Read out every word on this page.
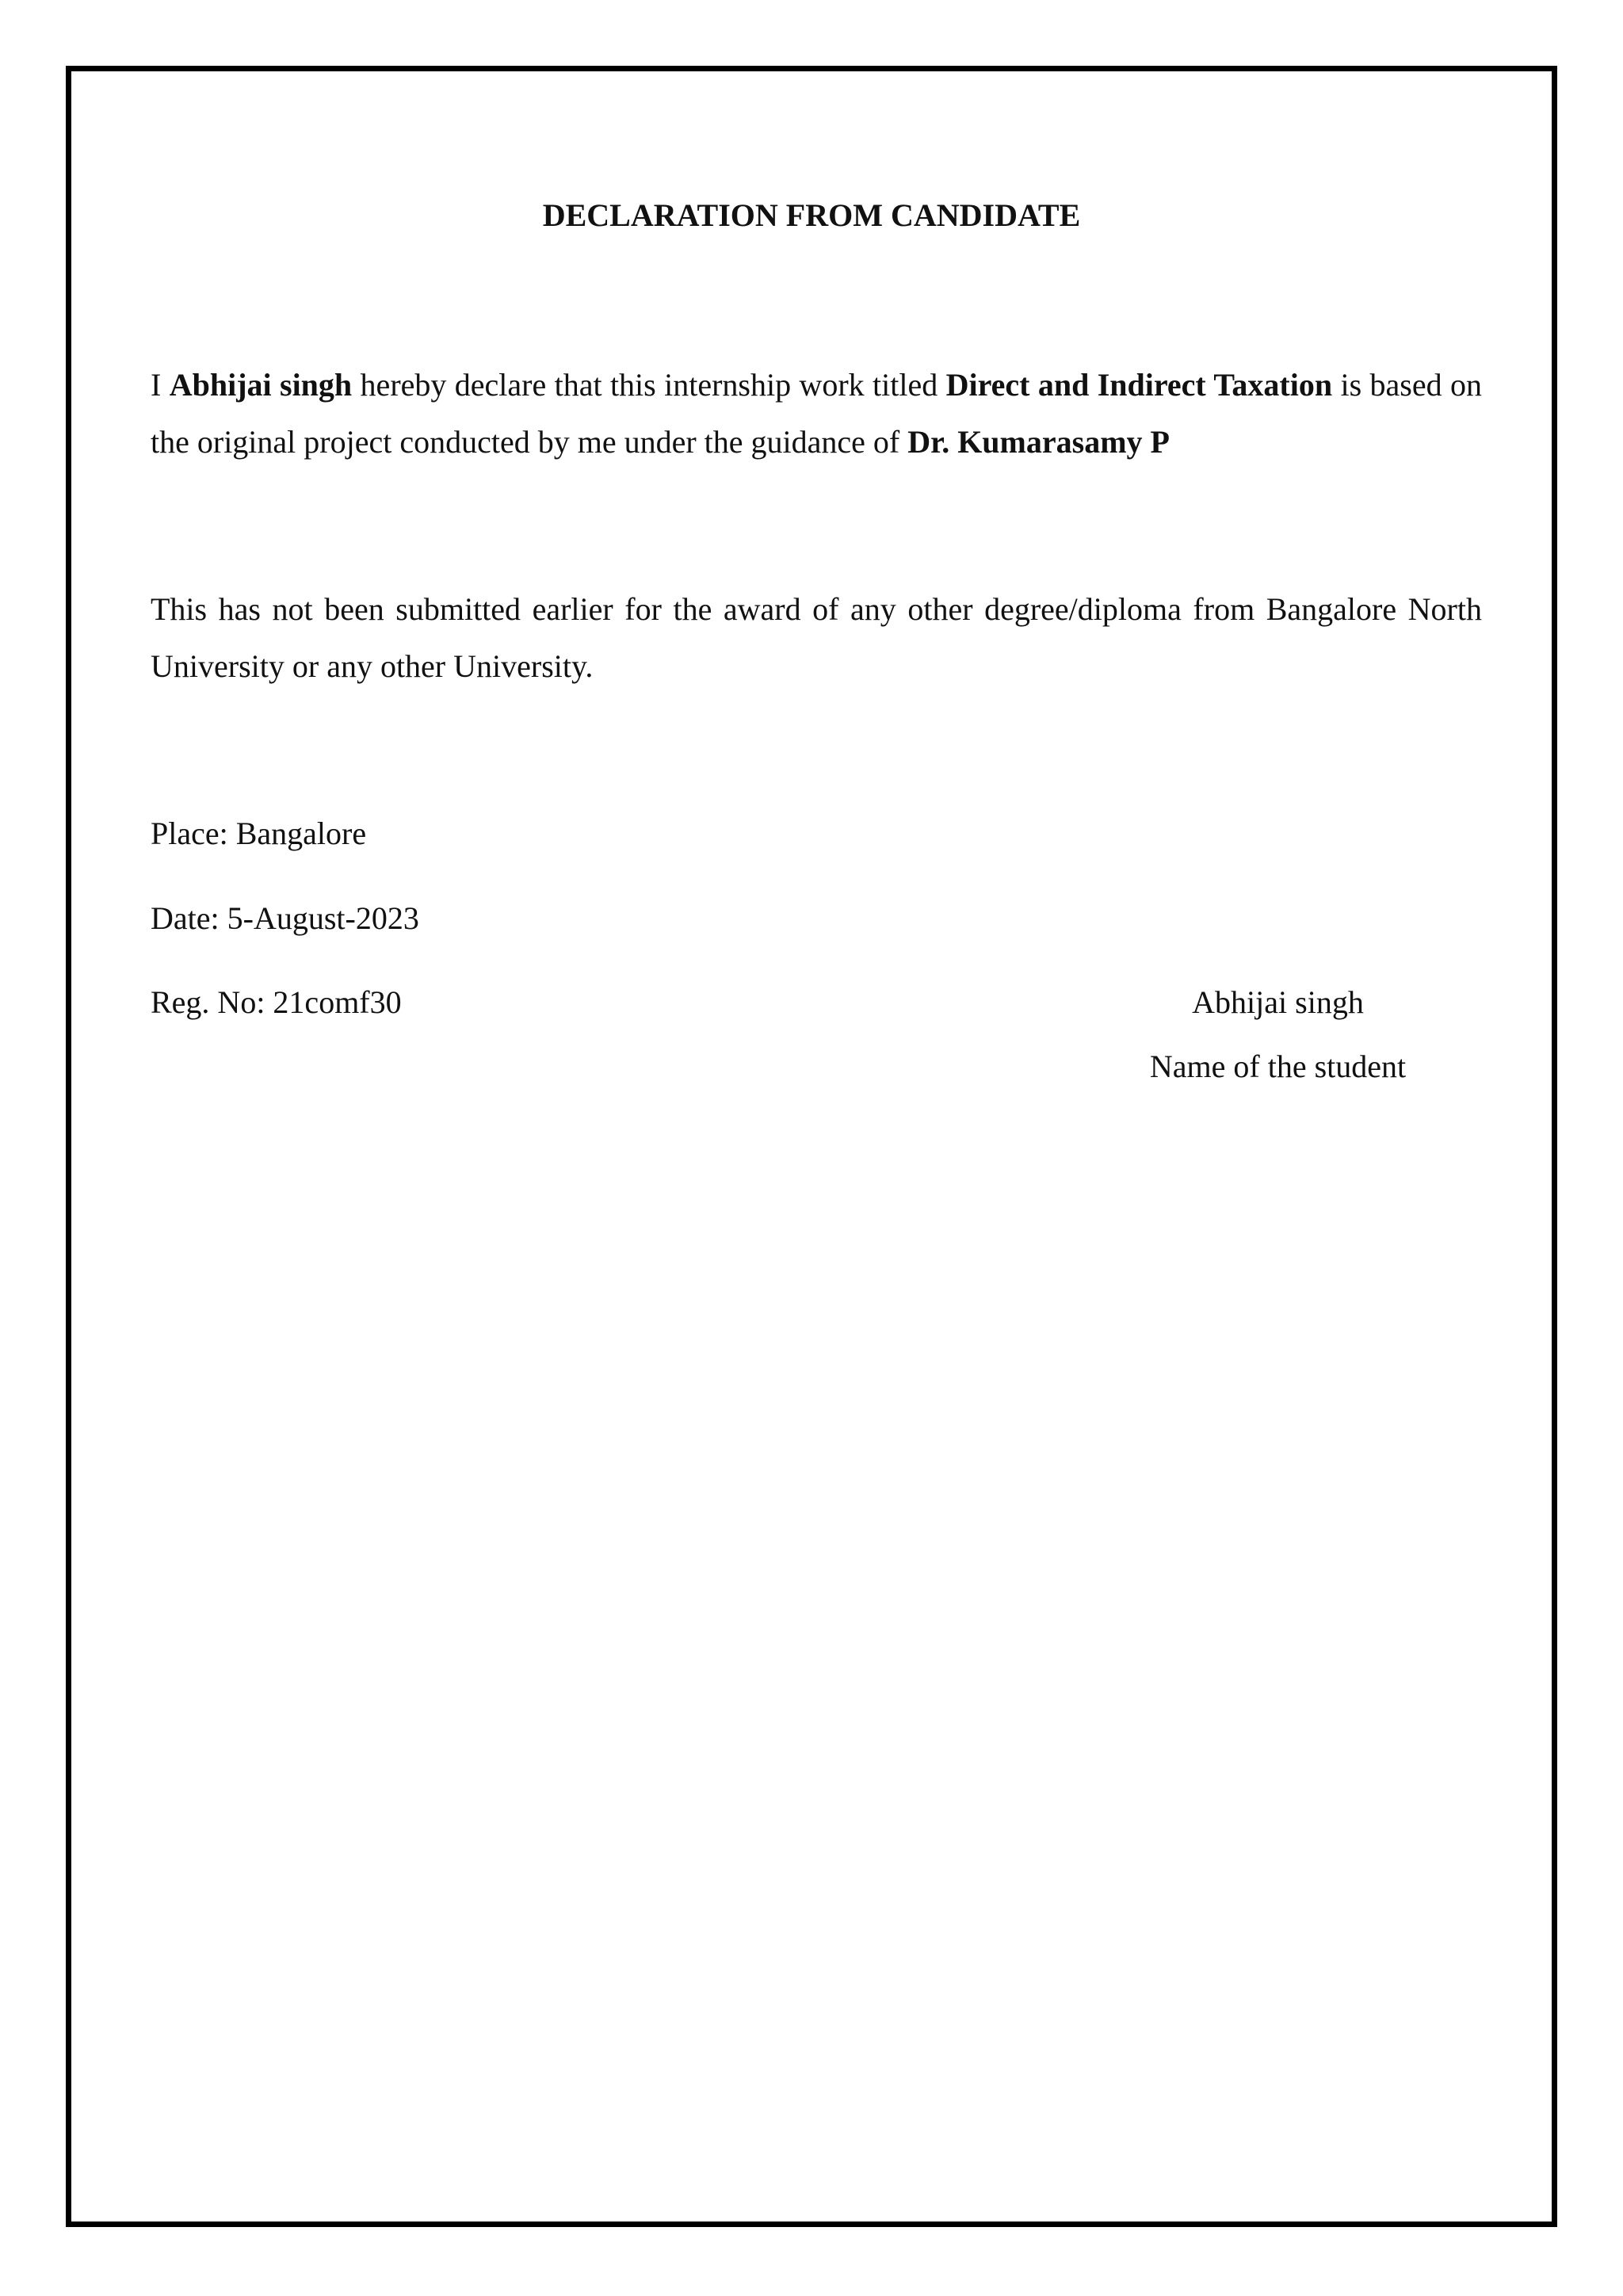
DECLARATION FROM CANDIDATE
I Abhijai singh hereby declare that this internship work titled Direct and Indirect Taxation is based on the original project conducted by me under the guidance of Dr. Kumarasamy P
This has not been submitted earlier for the award of any other degree/diploma from Bangalore North University or any other University.
Place: Bangalore
Date: 5-August-2023
Reg. No: 21comf30	Abhijai singh
Name of the student
